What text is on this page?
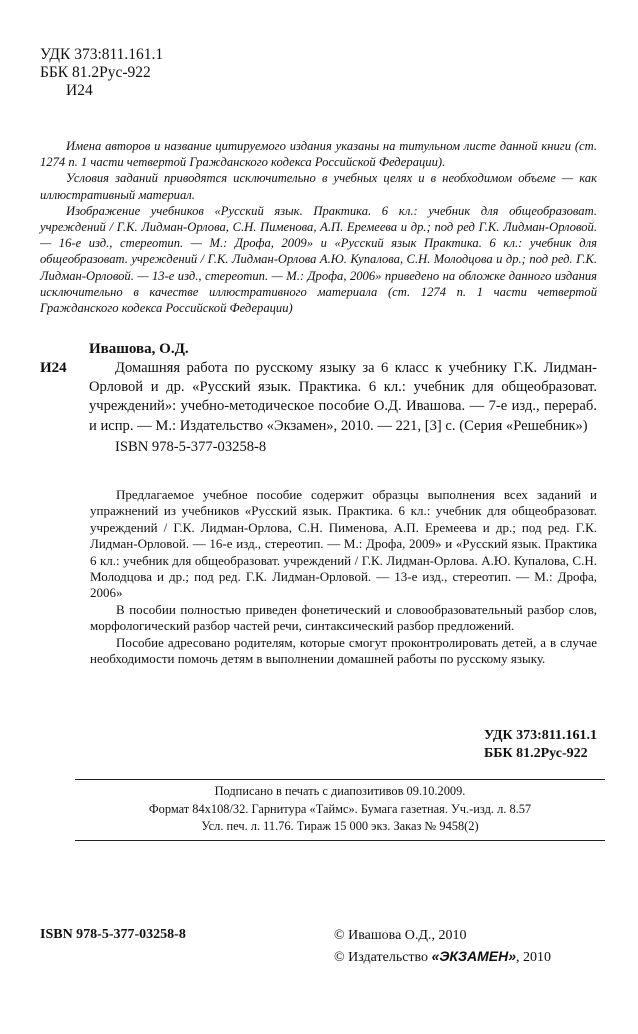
УДК 373:811.161.1
ББК 81.2Рус-922
И24

Имена авторов и название цитируемого издания указаны на титульном листе данной книги (ст. 1274 п. 1 части четвертой Гражданского кодекса Российской Федерации).

Условия заданий приводятся исключительно в учебных целях и в необходимом объеме — как иллюстративный материал.

Изображение учебников «Русский язык. Практика. 6 кл.: учебник для общеобразоват. учреждений / Г.К. Лидман-Орлова, С.Н. Пименова, А.П. Еремеева и др.; под ред Г.К. Лидман-Орловой. — 16-е изд., стереотип. — М.: Дрофа, 2009» и «Русский язык Практика. 6 кл.: учебник для общеобразоват. учреждений / Г.К. Лидман-Орлова А.Ю. Купалова, С.Н. Молодцова и др.; под ред. Г.К. Лидман-Орловой. — 13-е изд., стереотип. — М.: Дрофа, 2006» приведено на обложке данного издания исключительно в качестве иллюстративного материала (ст. 1274 п. 1 части четвертой Гражданского кодекса Российской Федерации)

Ивашова, О.Д.
И24	Домашняя работа по русскому языку за 6 класс к учебнику Г.К. Лидман-Орловой и др. «Русский язык. Практика. 6 кл.: учебник для общеобразоват. учреждений»: учебно-методическое пособие О.Д. Ивашова. — 7-е изд., перераб. и испр. — М.: Издательство «Экзамен», 2010. — 221, [3] с. (Серия «Решебник»)
ISBN 978-5-377-03258-8

Предлагаемое учебное пособие содержит образцы выполнения всех заданий и упражнений из учебников «Русский язык. Практика. 6 кл.: учебник для общеобразоват. учреждений / Г.К. Лидман-Орлова, С.Н. Пименова, А.П. Еремеева и др.; под ред. Г.К. Лидман-Орловой. — 16-е изд., стереотип. — М.: Дрофа, 2009» и «Русский язык. Практика 6 кл.: учебник для общеобразоват. учреждений / Г.К. Лидман-Орлова. А.Ю. Купалова, С.Н. Молодцова и др.; под ред. Г.К. Лидман-Орловой. — 13-е изд., стереотип. — М.: Дрофа, 2006»

В пособии полностью приведен фонетический и словообразовательный разбор слов, морфологический разбор частей речи, синтаксический разбор предложений.

Пособие адресовано родителям, которые смогут проконтролировать детей, а в случае необходимости помочь детям в выполнении домашней работы по русскому языку.

УДК 373:811.161.1
ББК 81.2Рус-922
Подписано в печать с диапозитивов 09.10.2009.
Формат 84x108/32. Гарнитура «Таймс». Бумага газетная. Уч.-изд. л. 8.57
Усл. печ. л. 11.76. Тираж 15 000 экз. Заказ № 9458(2)
ISBN 978-5-377-03258-8	© Ивашова О.Д., 2010
© Издательство «ЭКЗАМЕН», 2010
